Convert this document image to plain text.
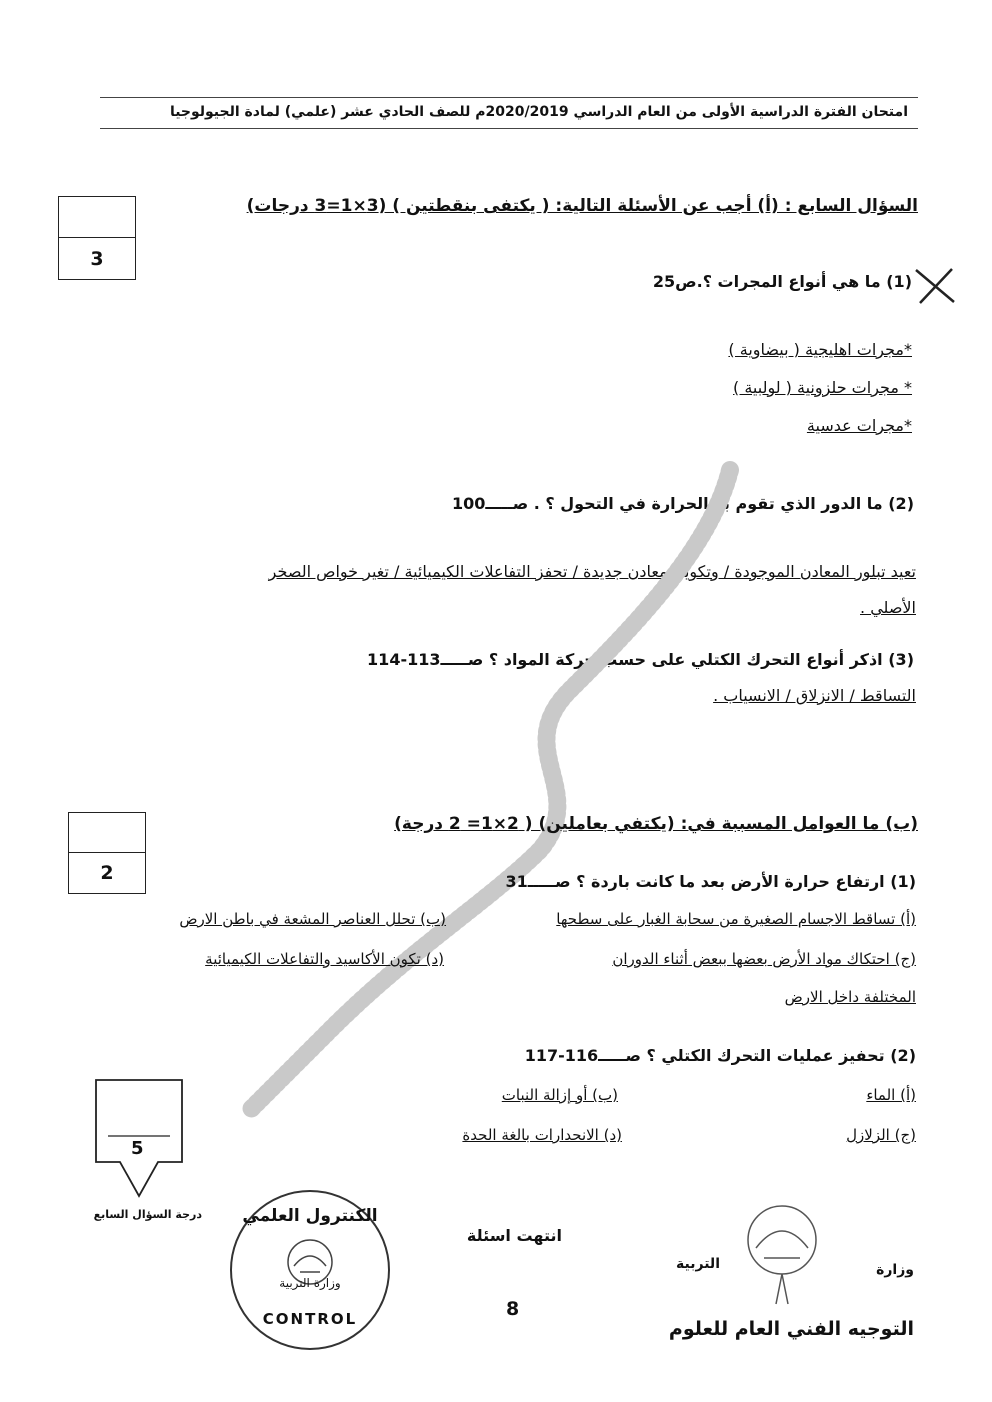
امتحان الفترة الدراسية الأولى من العام الدراسي 2020/2019م للصف الحادي عشر (علمي) لمادة الجيولوجيا
3
السؤال السابع : (أ) أجب عن الأسئلة التالية: ( يكتفى بنقطتين ) (3×1=3 درجات)
(1) ما هي أنواع المجرات ؟.ص25
*مجرات اهليجية ( بيضاوية )
* مجرات حلزونية ( لولبية )
*مجرات عدسية
(2) ما الدور الذي تقوم به الحرارة في التحول ؟ . صـــــ100
تعيد تبلور المعادن الموجودة / وتكوين معادن جديدة / تحفز التفاعلات الكيميائية / تغير خواص الصخر
الأصلي .
(3) اذكر أنواع التحرك الكتلي على حسب حركة المواد ؟ صـــــ113-114
التساقط / الانزلاق / الانسياب .
2
(ب) ما العوامل المسببة في: (يكتفي بعاملين) ( 2×1= 2 درجة)
(1) ارتفاع حرارة الأرض بعد ما كانت باردة ؟ صـــــ31
(أ) تساقط الاجسام الصغيرة من سحابة الغبار على سطحها
(ب) تحلل العناصر المشعة في باطن الارض
(ج) احتكاك مواد الأرض بعضها ببعض أثناء الدوران
(د) تكون الأكاسيد والتفاعلات الكيميائية
المختلفة داخل الارض
(2) تحفيز عمليات التحرك الكتلي ؟ صـــــ116-117
(أ) الماء
(ب) أو إزالة النبات
(ج) الزلازل
(د) الانحدارات بالغة الحدة
5
درجة السؤال السابع	الكنترول العلمي
وزارة التربية
CONTROL
انتهت اسئلة
8
وزارة
التربية
التوجيه الفني العام للعلوم
